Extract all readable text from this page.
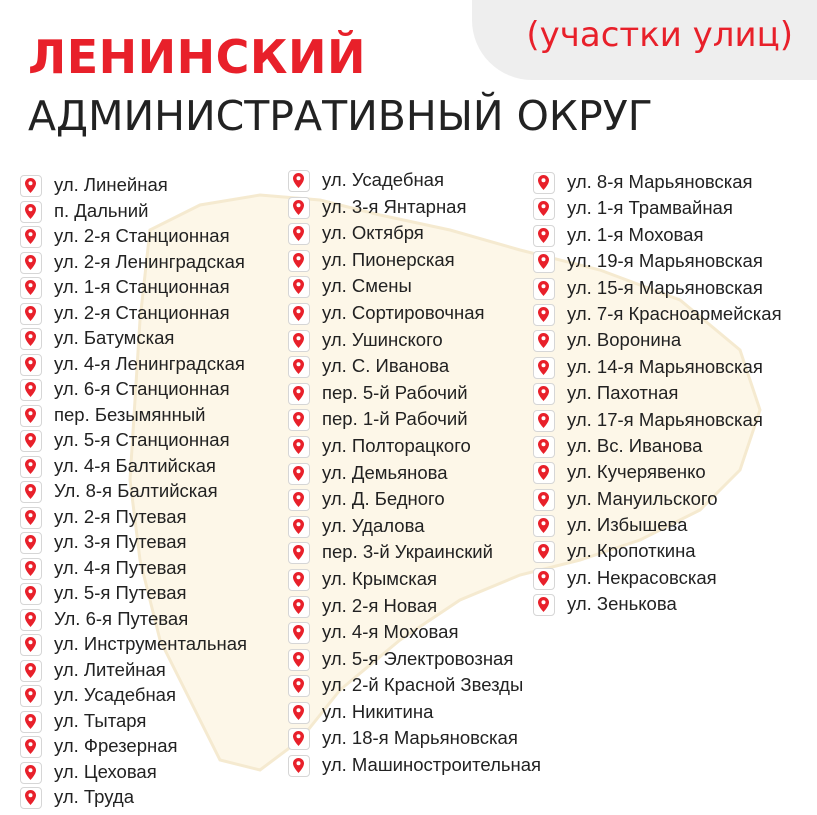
(участки улиц)
ЛЕНИНСКИЙ
АДМИНИСТРАТИВНЫЙ ОКРУГ
ул. Линейная
п. Дальний
ул. 2-я Станционная
ул. 2-я Ленинградская
ул. 1-я Станционная
ул. 2-я Станционная
ул. Батумская
ул. 4-я Ленинградская
ул. 6-я Станционная
пер. Безымянный
ул. 5-я Станционная
ул. 4-я Балтийская
Ул. 8-я Балтийская
ул. 2-я Путевая
ул. 3-я Путевая
ул. 4-я Путевая
ул. 5-я Путевая
Ул. 6-я Путевая
ул. Инструментальная
ул. Литейная
ул. Усадебная
ул. Тытаря
ул. Фрезерная
ул. Цеховая
ул. Труда
ул. Усадебная
ул. 3-я Янтарная
ул. Октября
ул. Пионерская
ул. Смены
ул. Сортировочная
ул. Ушинского
ул. С. Иванова
пер. 5-й Рабочий
пер. 1-й Рабочий
ул. Полторацкого
ул. Демьянова
ул. Д. Бедного
ул. Удалова
пер. 3-й Украинский
ул. Крымская
ул. 2-я Новая
ул. 4-я Моховая
ул. 5-я Электровозная
ул. 2-й Красной Звезды
ул. Никитина
ул. 18-я Марьяновская
ул. Машиностроительная
ул. 8-я Марьяновская
ул. 1-я Трамвайная
ул. 1-я Моховая
ул. 19-я Марьяновская
ул. 15-я Марьяновская
ул. 7-я Красноармейская
ул. Воронина
ул. 14-я Марьяновская
ул. Пахотная
ул. 17-я Марьяновская
ул. Вс. Иванова
ул. Кучерявенко
ул. Мануильского
ул. Избышева
ул. Кропоткина
ул. Некрасовская
ул. Зенькова
